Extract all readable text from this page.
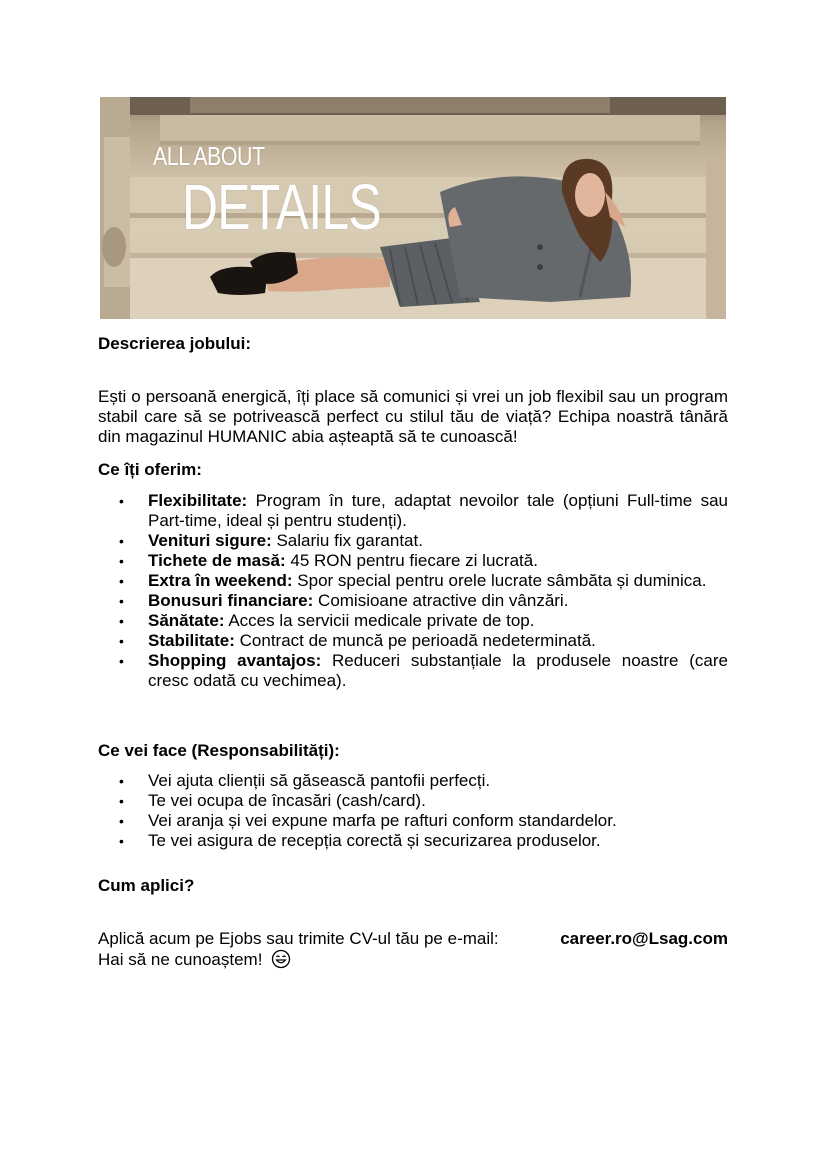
ALL ABOUT
DETAILS
Descrierea jobului:
Ești o persoană energică, îți place să comunici și vrei un job flexibil sau un program stabil care să se potrivească perfect cu stilul tău de viață? Echipa noastră tânără din magazinul HUMANIC abia așteaptă să te cunoască!
Ce îți oferim:
• Flexibilitate: Program în ture, adaptat nevoilor tale (opțiuni Full-time sau Part-time, ideal și pentru studenți).
• Venituri sigure: Salariu fix garantat.
• Tichete de masă: 45 RON pentru fiecare zi lucrată.
• Extra în weekend: Spor special pentru orele lucrate sâmbăta și duminica.
• Bonusuri financiare: Comisioane atractive din vânzări.
• Sănătate: Acces la servicii medicale private de top.
• Stabilitate: Contract de muncă pe perioadă nedeterminată.
• Shopping avantajos: Reduceri substanțiale la produsele noastre (care cresc odată cu vechimea).
Ce vei face (Responsabilități):
• Vei ajuta clienții să găsească pantofii perfecți.
• Te vei ocupa de încasări (cash/card).
• Vei aranja și vei expune marfa pe rafturi conform standardelor.
• Te vei asigura de recepția corectă și securizarea produselor.
Cum aplici?
Aplică acum pe Ejobs sau trimite CV-ul tău pe e-mail:	career.ro@Lsag.com
Hai să ne cunoaștem!
